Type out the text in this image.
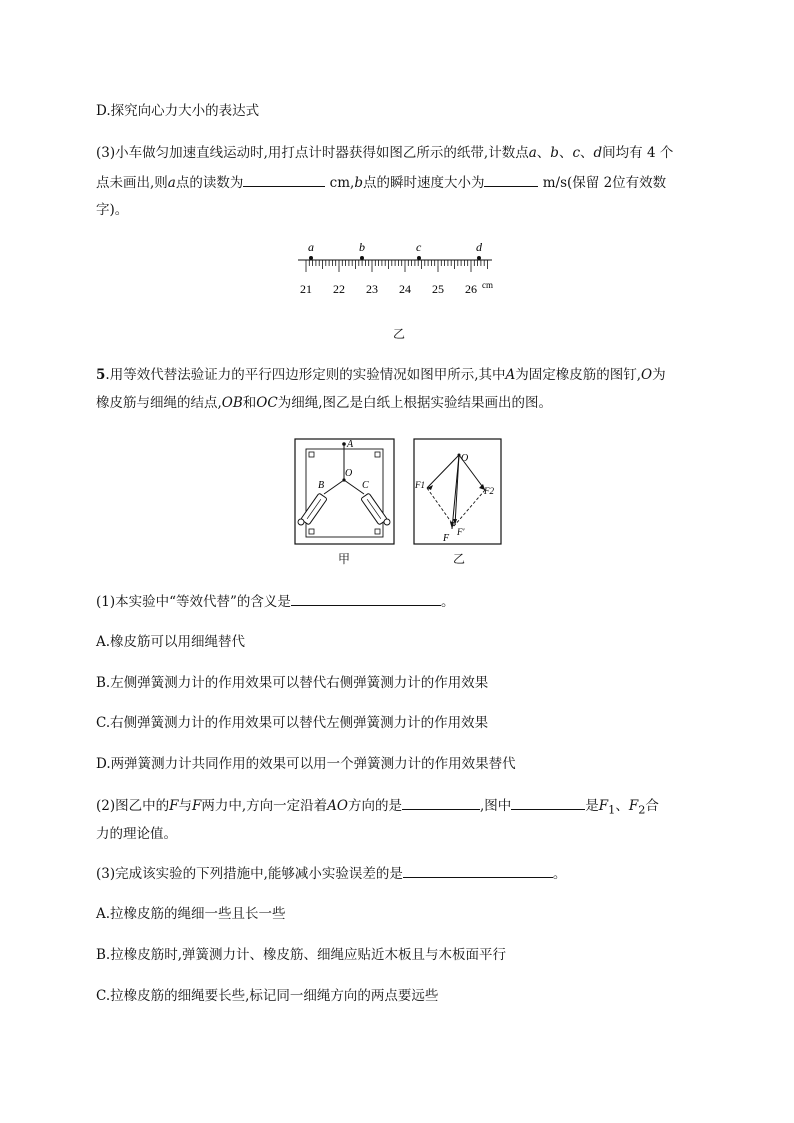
D.探究向心力大小的表达式
(3)小车做匀加速直线运动时,用打点计时器获得如图乙所示的纸带,计数点a、b、c、d间均有 4 个
点未画出,则a点的读数为	cm,b点的瞬时速度大小为	m/s(保留 2位有效数
字)。
a	b	c	d
21 22 23 24 25 26 cm
乙
5.用等效代替法验证力的平行四边形定则的实验情况如图甲所示,其中A为固定橡皮筋的图钉,O为
橡皮筋与细绳的结点,OB和OC为细绳,图乙是白纸上根据实验结果画出的图。
A
O
B	C
甲
O
F1
F2
F
F′
乙
(1)本实验中“等效代替”的含义是	。
A.橡皮筋可以用细绳替代
B.左侧弹簧测力计的作用效果可以替代右侧弹簧测力计的作用效果
C.右侧弹簧测力计的作用效果可以替代左侧弹簧测力计的作用效果
D.两弹簧测力计共同作用的效果可以用一个弹簧测力计的作用效果替代
(2)图乙中的F与F两力中,方向一定沿着AO方向的是	,图中	是$F_1$、$F_2$合
力的理论值。
(3)完成该实验的下列措施中,能够减小实验误差的是	。
A.拉橡皮筋的绳细一些且长一些
B.拉橡皮筋时,弹簧测力计、橡皮筋、细绳应贴近木板且与木板面平行
C.拉橡皮筋的细绳要长些,标记同一细绳方向的两点要远些
